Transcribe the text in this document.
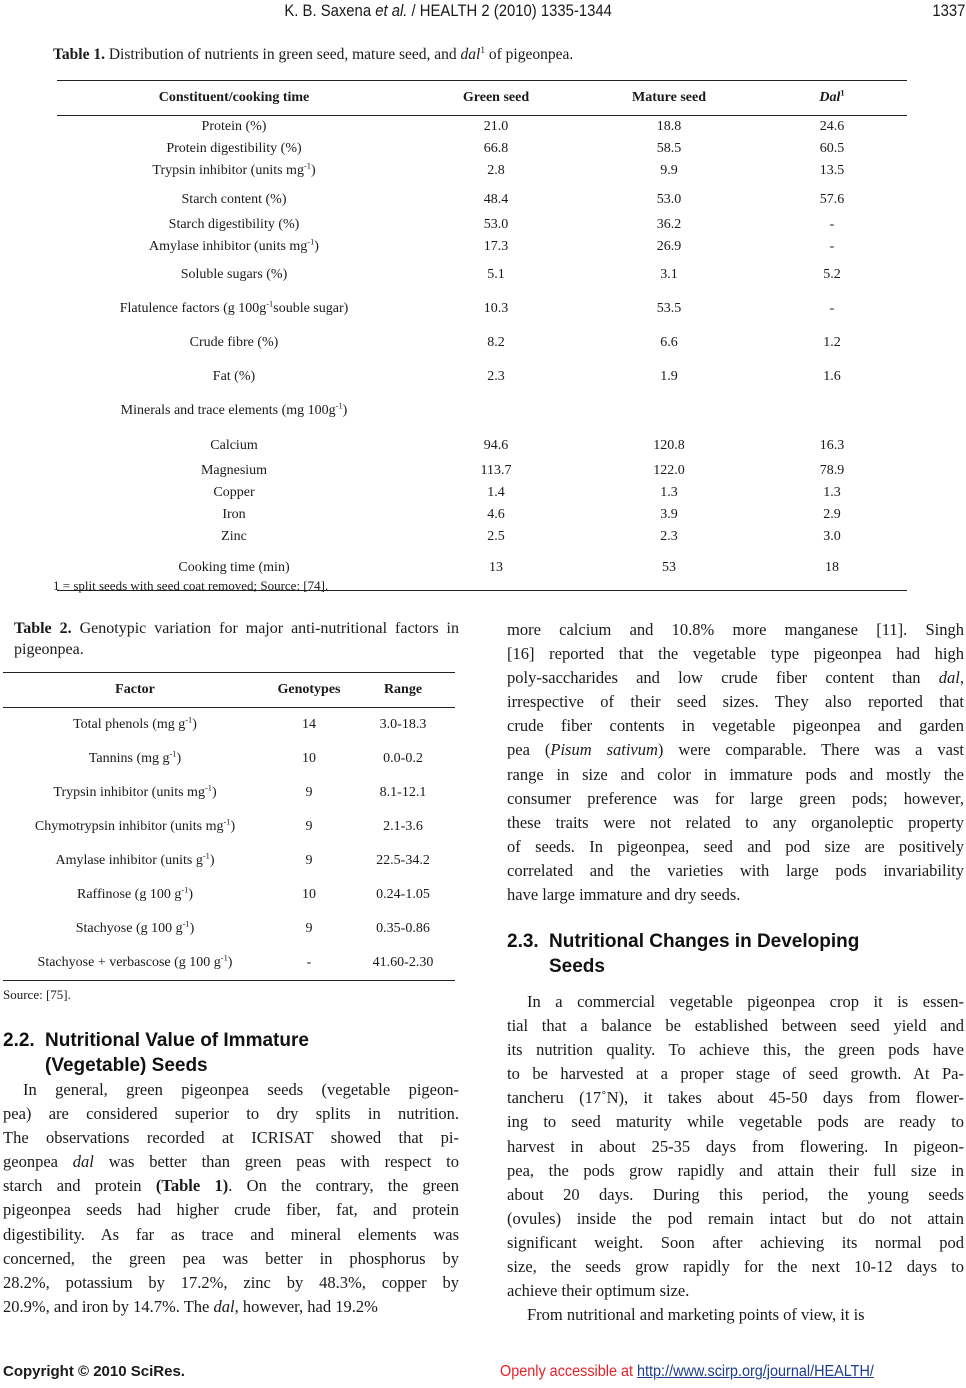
K. B. Saxena et al. / HEALTH 2 (2010) 1335-1344	1337
Table 1. Distribution of nutrients in green seed, mature seed, and dal$^1$ of pigeonpea.
Constituent/cooking time	Green seed	Mature seed	Dal$^1$
Protein (%)	21.0	18.8	24.6
Protein digestibility (%)	66.8	58.5	60.5
Trypsin inhibitor (units $mg^{-1}$)	2.8	9.9	13.5
Starch content (%)	48.4	53.0	57.6
Starch digestibility (%)	53.0	36.2	-
Amylase inhibitor (units $mg^{-1}$)	17.3	26.9	-
Soluble sugars (%)	5.1	3.1	5.2
Flatulence factors (g $100g^{-1}souble$ sugar)	10.3	53.5	-
Crude fibre (%)	8.2	6.6	1.2
Fat (%)	2.3	1.9	1.6
Minerals and trace elements (mg $100g^{-1}$)			
Calcium	94.6	120.8	16.3
Magnesium	113.7	122.0	78.9
Copper	1.4	1.3	1.3
Iron	4.6	3.9	2.9
Zinc	2.5	2.3	3.0
Cooking time (min)	13	53	18
1 = split seeds with seed coat removed; Source: [74].
Table 2. Genotypic variation for major anti-nutritional factors in pigeonpea.
Factor	Genotypes	Range
Total phenols (mg $g^{-1}$)	14	3.0-18.3
Tannins (mg $g^{-1}$)	10	0.0-0.2
Trypsin inhibitor (units $mg^{-1}$)	9	8.1-12.1
Chymotrypsin inhibitor (units $mg^{-1}$)	9	2.1-3.6
Amylase inhibitor (units $g^{-1}$)	9	22.5-34.2
Raffinose (g 100 $g^{-1}$)	10	0.24-1.05
Stachyose (g 100 $g^{-1}$)	9	0.35-0.86
Stachyose + verbascose (g 100 $g^{-1}$)	-	41.60-2.30
Source: [75].
2.2. Nutritional Value of Immature
(Vegetable) Seeds
In general, green pigeonpea seeds (vegetable pigeon-
pea) are considered superior to dry splits in nutrition.
The observations recorded at ICRISAT showed that pi-
geonpea dal was better than green peas with respect to
starch and protein (Table 1). On the contrary, the green
pigeonpea seeds had higher crude fiber, fat, and protein
digestibility. As far as trace and mineral elements was
concerned, the green pea was better in phosphorus by
28.2%, potassium by 17.2%, zinc by 48.3%, copper by
20.9%, and iron by 14.7%. The dal, however, had 19.2%
more calcium and 10.8% more manganese [11]. Singh
[16] reported that the vegetable type pigeonpea had high
poly-saccharides and low crude fiber content than dal,
irrespective of their seed sizes. They also reported that
crude fiber contents in vegetable pigeonpea and garden
pea (Pisum sativum) were comparable. There was a vast
range in size and color in immature pods and mostly the
consumer preference was for large green pods; however,
these traits were not related to any organoleptic property
of seeds. In pigeonpea, seed and pod size are positively
correlated and the varieties with large pods invariability
have large immature and dry seeds.
2.3. Nutritional Changes in Developing
Seeds
In a commercial vegetable pigeonpea crop it is essen-
tial that a balance be established between seed yield and
its nutrition quality. To achieve this, the green pods have
to be harvested at a proper stage of seed growth. At Pa-
tancheru (17˚N), it takes about 45-50 days from flower-
ing to seed maturity while vegetable pods are ready to
harvest in about 25-35 days from flowering. In pigeon-
pea, the pods grow rapidly and attain their full size in
about 20 days. During this period, the young seeds
(ovules) inside the pod remain intact but do not attain
significant weight. Soon after achieving its normal pod
size, the seeds grow rapidly for the next 10-12 days to
achieve their optimum size.
From nutritional and marketing points of view, it is
Copyright © 2010 SciRes.	Openly accessible at http://www.scirp.org/journal/HEALTH/
